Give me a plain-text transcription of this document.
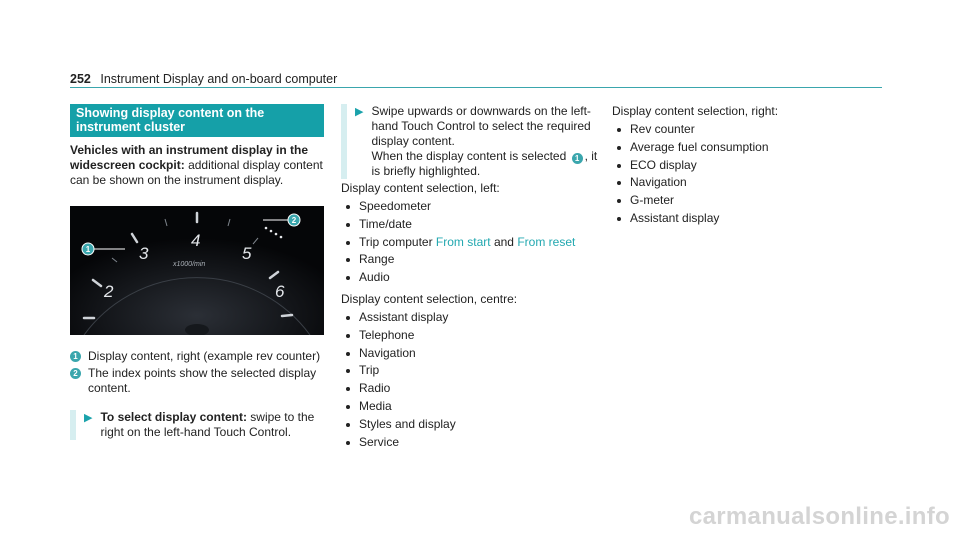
252 Instrument Display and on-board computer
Showing display content on the instrument cluster

Vehicles with an instrument display in the widescreen cockpit: additional display content can be shown on the instrument display.

2
3
4
5
6
x1000/min
1
2
1 Display content, right (example rev counter)
2 The index points show the selected display content.
▶ To select display content: swipe to the right on the left-hand Touch Control.

▶ Swipe upwards or downwards on the left-hand Touch Control to select the required display content.

When the display content is selected 1 , it is briefly highlighted.

Display content selection, left:

Speedometer
Time/date
Trip computer From start and From reset
Range
Audio

Display content selection, centre:

Assistant display
Telephone
Navigation
Trip
Radio
Media
Styles and display
Service

Display content selection, right:

Rev counter
Average fuel consumption
ECO display
Navigation
G-meter
Assistant display
carmanualsonline.info
